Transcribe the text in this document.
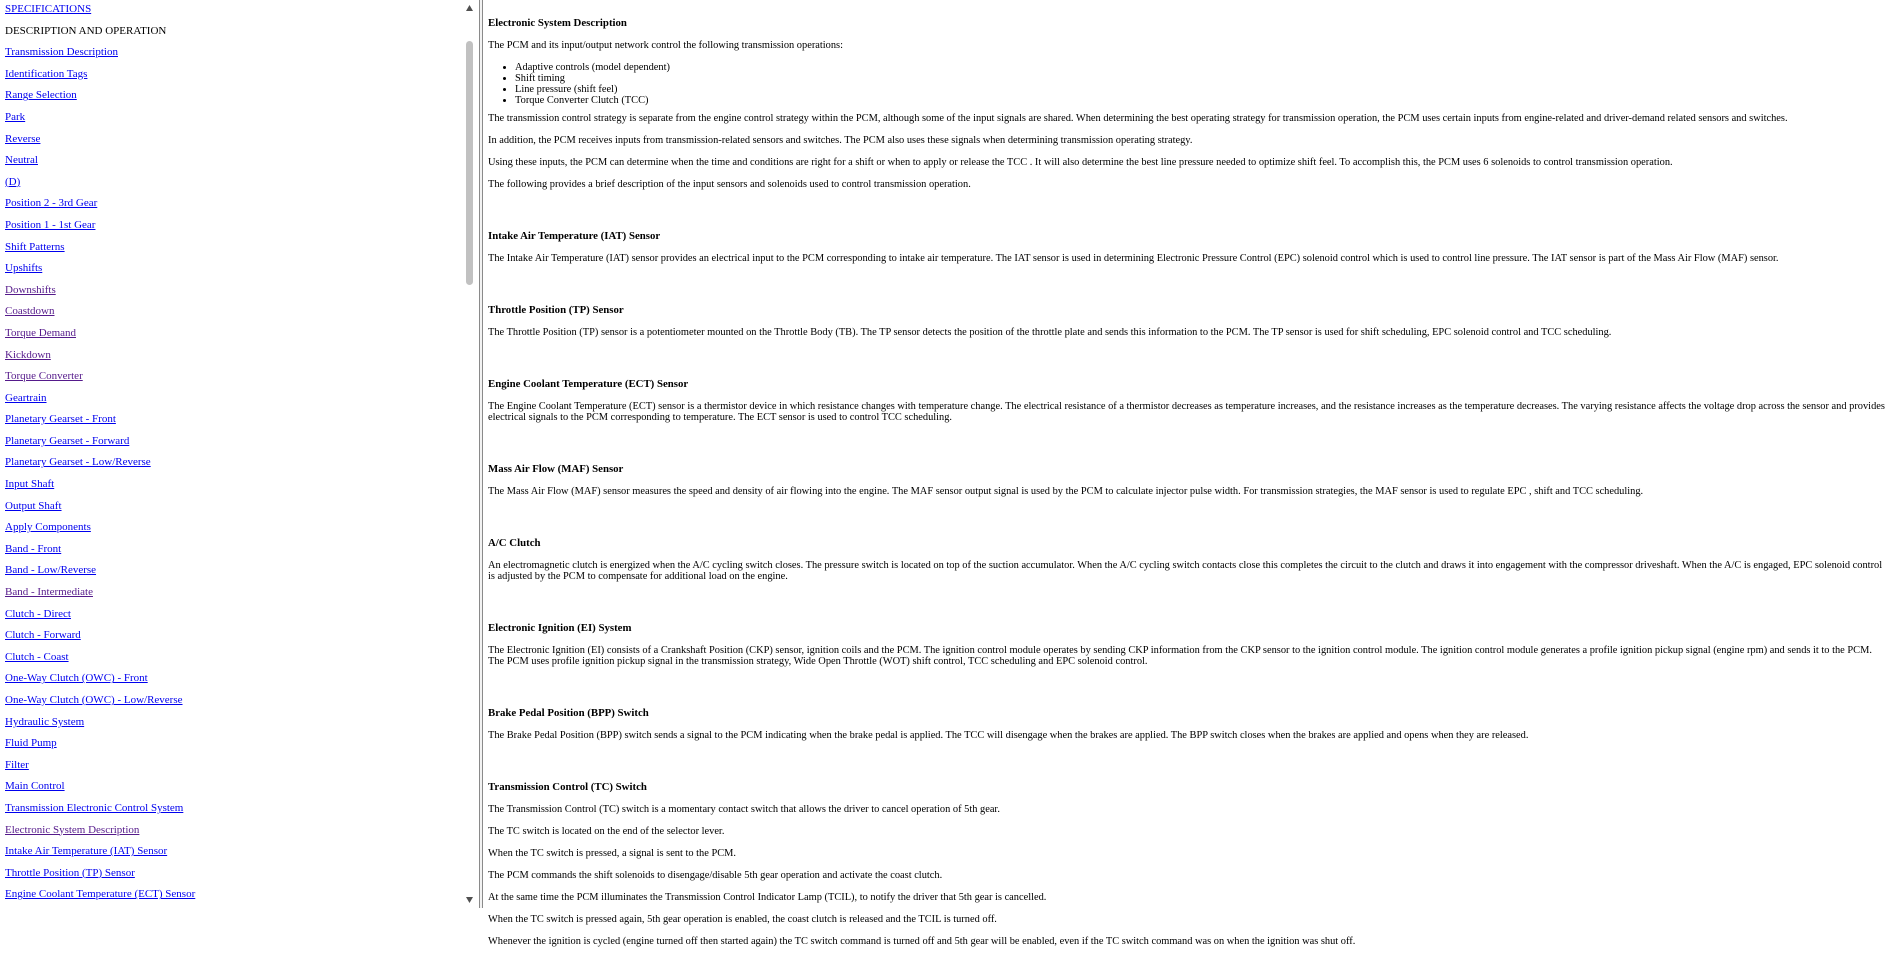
SPECIFICATIONS
DESCRIPTION AND OPERATION
Transmission Description
Identification Tags
Range Selection
Park
Reverse
Neutral
(D)
Position 2 - 3rd Gear
Position 1 - 1st Gear
Shift Patterns
Upshifts
Downshifts
Coastdown
Torque Demand
Kickdown
Torque Converter
Geartrain
Planetary Gearset - Front
Planetary Gearset - Forward
Planetary Gearset - Low/Reverse
Input Shaft
Output Shaft
Apply Components
Band - Front
Band - Low/Reverse
Band - Intermediate
Clutch - Direct
Clutch - Forward
Clutch - Coast
One-Way Clutch (OWC) - Front
One-Way Clutch (OWC) - Low/Reverse
Hydraulic System
Fluid Pump
Filter
Main Control
Transmission Electronic Control System
Electronic System Description
Intake Air Temperature (IAT) Sensor
Throttle Position (TP) Sensor
Engine Coolant Temperature (ECT) Sensor
Electronic System Description

The PCM and its input/output network control the following transmission operations:

• Adaptive controls (model dependent)
• Shift timing
• Line pressure (shift feel)
• Torque Converter Clutch (TCC)

The transmission control strategy is separate from the engine control strategy within the PCM, although some of the input signals are shared. When determining the best operating strategy for transmission operation, the PCM uses certain inputs from engine-related and driver-demand related sensors and switches.

In addition, the PCM receives inputs from transmission-related sensors and switches. The PCM also uses these signals when determining transmission operating strategy.

Using these inputs, the PCM can determine when the time and conditions are right for a shift or when to apply or release the TCC . It will also determine the best line pressure needed to optimize shift feel. To accomplish this, the PCM uses 6 solenoids to control transmission operation.

The following provides a brief description of the input sensors and solenoids used to control transmission operation.

Intake Air Temperature (IAT) Sensor

The Intake Air Temperature (IAT) sensor provides an electrical input to the PCM corresponding to intake air temperature. The IAT sensor is used in determining Electronic Pressure Control (EPC) solenoid control which is used to control line pressure. The IAT sensor is part of the Mass Air Flow (MAF) sensor.

Throttle Position (TP) Sensor

The Throttle Position (TP) sensor is a potentiometer mounted on the Throttle Body (TB). The TP sensor detects the position of the throttle plate and sends this information to the PCM. The TP sensor is used for shift scheduling, EPC solenoid control and TCC scheduling.

Engine Coolant Temperature (ECT) Sensor

The Engine Coolant Temperature (ECT) sensor is a thermistor device in which resistance changes with temperature change. The electrical resistance of a thermistor decreases as temperature increases, and the resistance increases as the temperature decreases. The varying resistance affects the voltage drop across the sensor and provides electrical signals to the PCM corresponding to temperature. The ECT sensor is used to control TCC scheduling.

Mass Air Flow (MAF) Sensor

The Mass Air Flow (MAF) sensor measures the speed and density of air flowing into the engine. The MAF sensor output signal is used by the PCM to calculate injector pulse width. For transmission strategies, the MAF sensor is used to regulate EPC , shift and TCC scheduling.

A/C Clutch

An electromagnetic clutch is energized when the A/C cycling switch closes. The pressure switch is located on top of the suction accumulator. When the A/C cycling switch contacts close this completes the circuit to the clutch and draws it into engagement with the compressor driveshaft. When the A/C is engaged, EPC solenoid control is adjusted by the PCM to compensate for additional load on the engine.

Electronic Ignition (EI) System

The Electronic Ignition (EI) consists of a Crankshaft Position (CKP) sensor, ignition coils and the PCM. The ignition control module operates by sending CKP information from the CKP sensor to the ignition control module. The ignition control module generates a profile ignition pickup signal (engine rpm) and sends it to the PCM. The PCM uses profile ignition pickup signal in the transmission strategy, Wide Open Throttle (WOT) shift control, TCC scheduling and EPC solenoid control.

Brake Pedal Position (BPP) Switch

The Brake Pedal Position (BPP) switch sends a signal to the PCM indicating when the brake pedal is applied. The TCC will disengage when the brakes are applied. The BPP switch closes when the brakes are applied and opens when they are released.

Transmission Control (TC) Switch

The Transmission Control (TC) switch is a momentary contact switch that allows the driver to cancel operation of 5th gear.

The TC switch is located on the end of the selector lever.

When the TC switch is pressed, a signal is sent to the PCM.

The PCM commands the shift solenoids to disengage/disable 5th gear operation and activate the coast clutch.

At the same time the PCM illuminates the Transmission Control Indicator Lamp (TCIL), to notify the driver that 5th gear is cancelled.

When the TC switch is pressed again, 5th gear operation is enabled, the coast clutch is released and the TCIL is turned off.

Whenever the ignition is cycled (engine turned off then started again) the TC switch command is turned off and 5th gear will be enabled, even if the TC switch command was on when the ignition was shut off.
